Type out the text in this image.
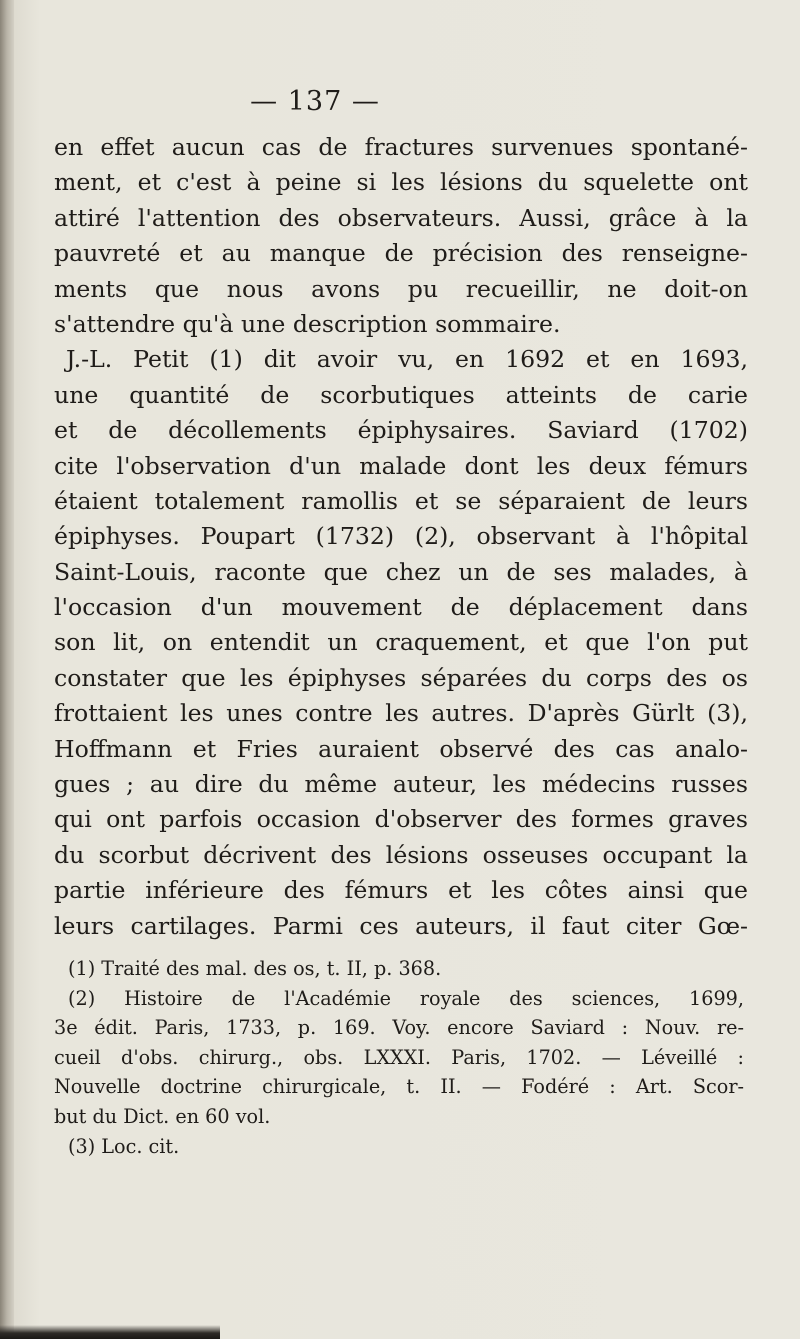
— 137 —
en effet aucun cas de fractures survenues spontané-
ment, et c'est à peine si les lésions du squelette ont
attiré l'attention des observateurs. Aussi, grâce à la
pauvreté et au manque de précision des renseigne-
ments que nous avons pu recueillir, ne doit-on
s'attendre qu'à une description sommaire.
J.-L. Petit (1) dit avoir vu, en 1692 et en 1693,
une quantité de scorbutiques atteints de carie
et de décollements épiphysaires. Saviard (1702)
cite l'observation d'un malade dont les deux fémurs
étaient totalement ramollis et se séparaient de leurs
épiphyses. Poupart (1732) (2), observant à l'hôpital
Saint-Louis, raconte que chez un de ses malades, à
l'occasion d'un mouvement de déplacement dans
son lit, on entendit un craquement, et que l'on put
constater que les épiphyses séparées du corps des os
frottaient les unes contre les autres. D'après Gürlt (3),
Hoffmann et Fries auraient observé des cas analo-
gues ; au dire du même auteur, les médecins russes
qui ont parfois occasion d'observer des formes graves
du scorbut décrivent des lésions osseuses occupant la
partie inférieure des fémurs et les côtes ainsi que
leurs cartilages. Parmi ces auteurs, il faut citer Gœ-
(1) Traité des mal. des os, t. II, p. 368.
(2) Histoire de l'Académie royale des sciences, 1699,
3e édit. Paris, 1733, p. 169. Voy. encore Saviard : Nouv. re-
cueil d'obs. chirurg., obs. LXXXI. Paris, 1702. — Léveillé :
Nouvelle doctrine chirurgicale, t. II. — Fodéré : Art. Scor-
but du Dict. en 60 vol.
(3) Loc. cit.
